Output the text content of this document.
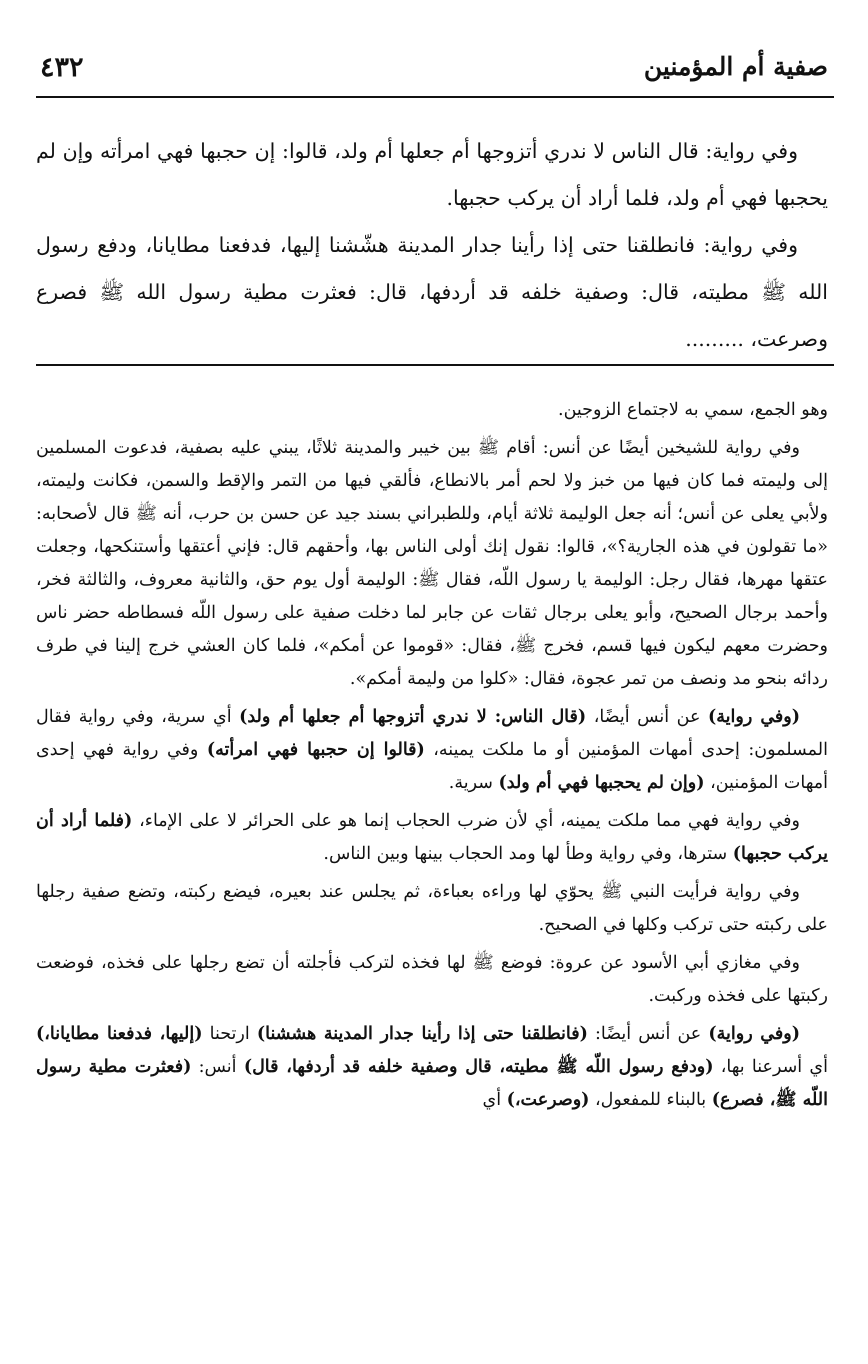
صفية أم المؤمنين
٤٣٢

وفي رواية: قال الناس لا ندري أتزوجها أم جعلها أم ولد، قالوا: إن حجبها فهي امرأته وإن لم يحجبها فهي أم ولد، فلما أراد أن يركب حجبها.

وفي رواية: فانطلقنا حتى إذا رأينا جدار المدينة هشّشنا إليها، فدفعنا مطايانا، ودفع رسول الله ﷺ مطيته، قال: وصفية خلفه قد أردفها، قال: فعثرت مطية رسول الله ﷺ فصرع وصرعت، .........

وهو الجمع، سمي به لاجتماع الزوجين.

وفي رواية للشيخين أيضًا عن أنس: أقام ﷺ بين خيبر والمدينة ثلاثًا، يبني عليه بصفية، فدعوت المسلمين إلى وليمته فما كان فيها من خبز ولا لحم أمر بالانطاع، فألقي فيها من التمر والإقط والسمن، فكانت وليمته، ولأبي يعلى عن أنس؛ أنه جعل الوليمة ثلاثة أيام، وللطبراني بسند جيد عن حسن بن حرب، أنه ﷺ قال لأصحابه: «ما تقولون في هذه الجارية؟»، قالوا: نقول إنك أولى الناس بها، وأحقهم قال: فإني أعتقها وأستنكحها، وجعلت عتقها مهرها، فقال رجل: الوليمة يا رسول اللّه، فقال ﷺ: الوليمة أول يوم حق، والثانية معروف، والثالثة فخر، وأحمد برجال الصحيح، وأبو يعلى برجال ثقات عن جابر لما دخلت صفية على رسول اللّه فسطاطه حضر ناس وحضرت معهم ليكون فيها قسم، فخرج ﷺ، فقال: «قوموا عن أمكم»، فلما كان العشي خرج إلينا في طرف ردائه بنحو مد ونصف من تمر عجوة، فقال: «كلوا من وليمة أمكم».

(وفي رواية) عن أنس أيضًا، (قال الناس: لا ندري أتزوجها أم جعلها أم ولد) أي سرية، وفي رواية فقال المسلمون: إحدى أمهات المؤمنين أو ما ملكت يمينه، (قالوا إن حجبها فهي امرأته) وفي رواية فهي إحدى أمهات المؤمنين، (وإن لم يحجبها فهي أم ولد) سرية.

وفي رواية فهي مما ملكت يمينه، أي لأن ضرب الحجاب إنما هو على الحرائر لا على الإماء، (فلما أراد أن يركب حجبها) سترها، وفي رواية وطأ لها ومد الحجاب بينها وبين الناس.

وفي رواية فرأيت النبي ﷺ يحوّي لها وراءه بعباءة، ثم يجلس عند بعيره، فيضع ركبته، وتضع صفية رجلها على ركبته حتى تركب وكلها في الصحيح.

وفي مغازي أبي الأسود عن عروة: فوضع ﷺ لها فخذه لتركب فأجلته أن تضع رجلها على فخذه، فوضعت ركبتها على فخذه وركبت.

(وفي رواية) عن أنس أيضًا: (فانطلقنا حتى إذا رأينا جدار المدينة هششنا) ارتحنا (إليها، فدفعنا مطايانا،) أي أسرعنا بها، (ودفع رسول اللّه ﷺ مطيته، قال وصفية خلفه قد أردفها، قال) أنس: (فعثرت مطية رسول اللّه ﷺ، فصرع) بالبناء للمفعول، (وصرعت،) أي
